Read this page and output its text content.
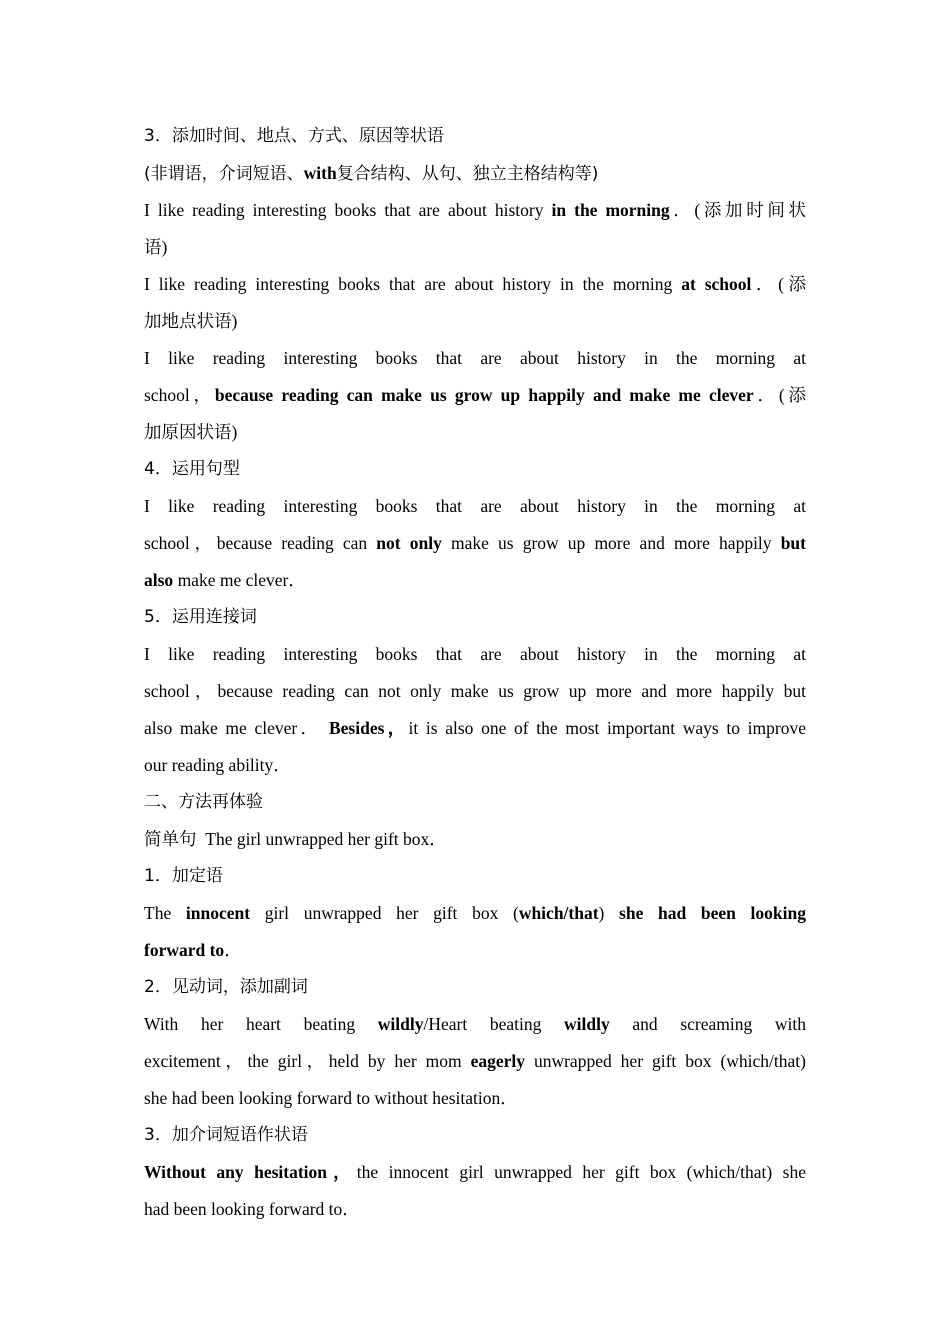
3．添加时间、地点、方式、原因等状语
(非谓语，介词短语、with复合结构、从句、独立主格结构等)
I like reading interesting books that are about history in the morning．(添加时间状
语)
I like reading interesting books that are about history in the morning at school．(添
加地点状语)
I like reading interesting books that are about history in the morning at
school，because reading can make us grow up happily and make me clever．(添
加原因状语)
4．运用句型
I like reading interesting books that are about history in the morning at
school，because reading can not only make us grow up more and more happily but
also make me clever．
5．运用连接词
I like reading interesting books that are about history in the morning at
school，because reading can not only make us grow up more and more happily but
also make me clever． Besides，it is also one of the most important ways to improve
our reading ability．
二、方法再体验
简单句  The girl unwrapped her gift box．
1．加定语
The innocent girl unwrapped her gift box (which/that) she had been looking
forward to．
2．见动词，添加副词
With her heart beating wildly/Heart beating wildly and screaming with
excitement，the girl，held by her mom eagerly unwrapped her gift box (which/that)
she had been looking forward to without hesitation．
3．加介词短语作状语
Without any hesitation，the innocent girl unwrapped her gift box (which/that) she
had been looking forward to．
